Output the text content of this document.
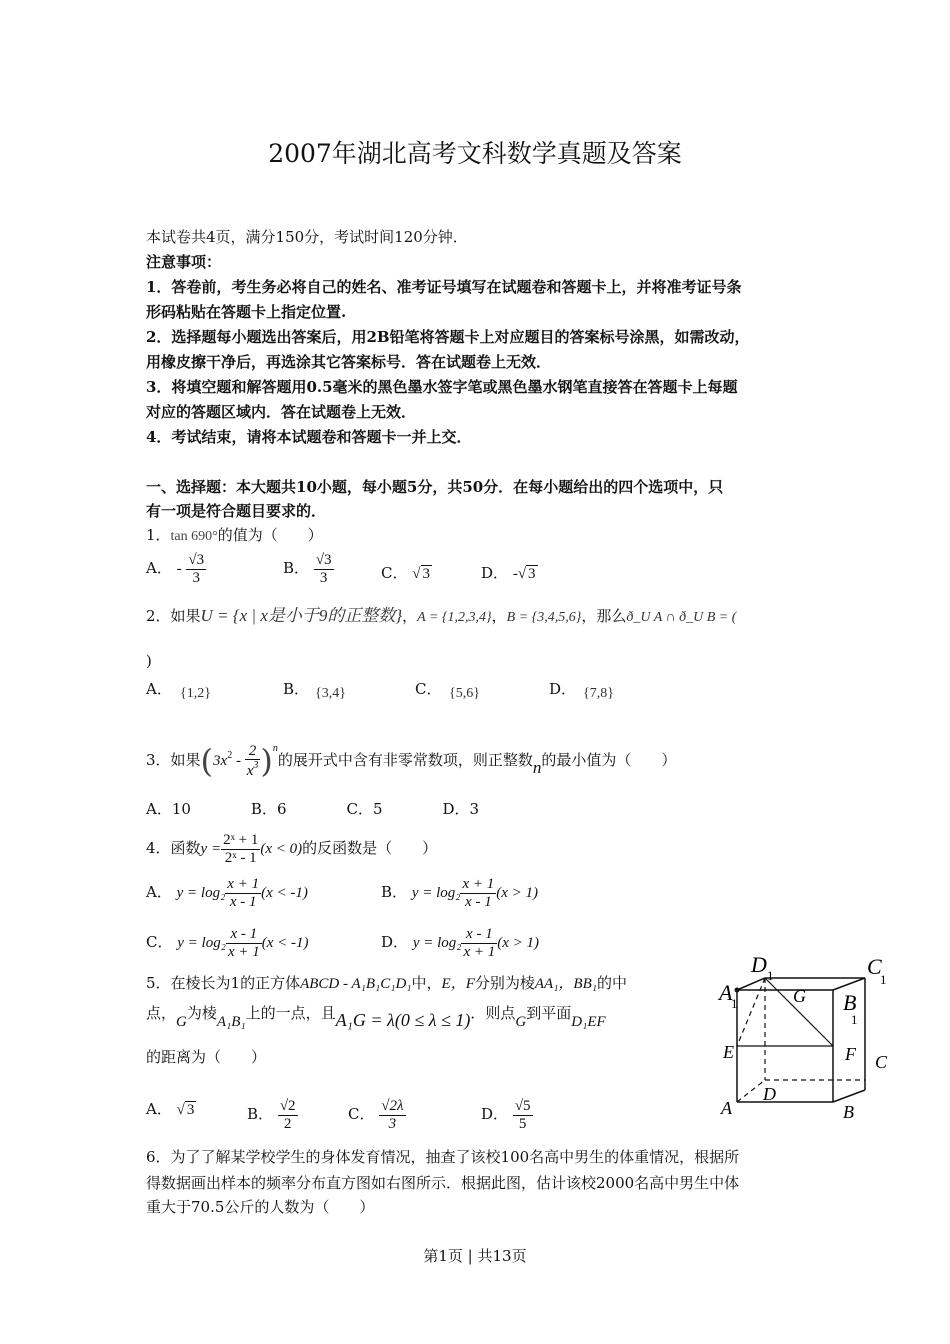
2007年湖北高考文科数学真题及答案
本试卷共4页，满分150分，考试时间120分钟．
注意事项：
1．答卷前，考生务必将自己的姓名、准考证号填写在试题卷和答题卡上，并将准考证号条
形码粘贴在答题卡上指定位置.
2．选择题每小题选出答案后，用2B铅笔将答题卡上对应题目的答案标号涂黑，如需改动，
用橡皮擦干净后，再选涂其它答案标号．答在试题卷上无效．
3．将填空题和解答题用0.5毫米的黑色墨水签字笔或黑色墨水钢笔直接答在答题卡上每题
对应的答题区域内．答在试题卷上无效．
4．考试结束，请将本试题卷和答题卡一并上交．
一、选择题：本大题共10小题，每小题5分，共50分．在每小题给出的四个选项中，只
有一项是符合题目要求的．
1．tan 690°的值为（　　）
A． - $\frac{√3}{3}$	B． $\frac{√3}{3}$	C． √ 3	D． -√ 3
2．如果U = {x | x是小于9的正整数}，A = {1,2,3,4}，B = {3,4,5,6}，那么ð_U A ∩ ð_U B = (
)
A． {1,2}	B． {3,4}	C． {5,6}	D． {7,8}
3．如果$(3x^2 - \frac{2}{x^3} )^n$的展开式中含有非零常数项，则正整数n的最小值为（　　）
A．10　　　　B．6　　　　C．5　　　　D．3
4．函数$y = \frac{\text{2ˣ + 1}}{\text{2ˣ - 1}} (x < 0)$的反函数是（　　）
A． $y = \log_2 \frac{x + 1}{x - 1} (x < -1)$	B． $y = \log_2 \frac{x + 1}{x - 1} (x > 1)$
C． $y = \log_2 \frac{x - 1}{x + 1} (x < -1)$	D． $y = \log_2 \frac{x - 1}{x + 1} (x > 1)$
5．在棱长为1的正方体ABCD - A₁B₁C₁D₁中，E，F分别为棱AA₁，BB₁的中
点，G为棱A₁B₁上的一点，且A₁G = λ(0 ≤ λ ≤ 1)．则点G到平面D₁EF
的距离为（　　）
A． √ 3	B． $\frac{√2}{2}$	C． $\frac{√2\lambda}{3}$	D． $\frac{√5}{5}$
D 1	C
1
A
1	G B
1
E	F C
D
A	B
6．为了了解某学校学生的身体发育情况，抽查了该校100名高中男生的体重情况，根据所
得数据画出样本的频率分布直方图如右图所示．根据此图，估计该校2000名高中男生中体
重大于70.5公斤的人数为（　　）
第1页 | 共13页
